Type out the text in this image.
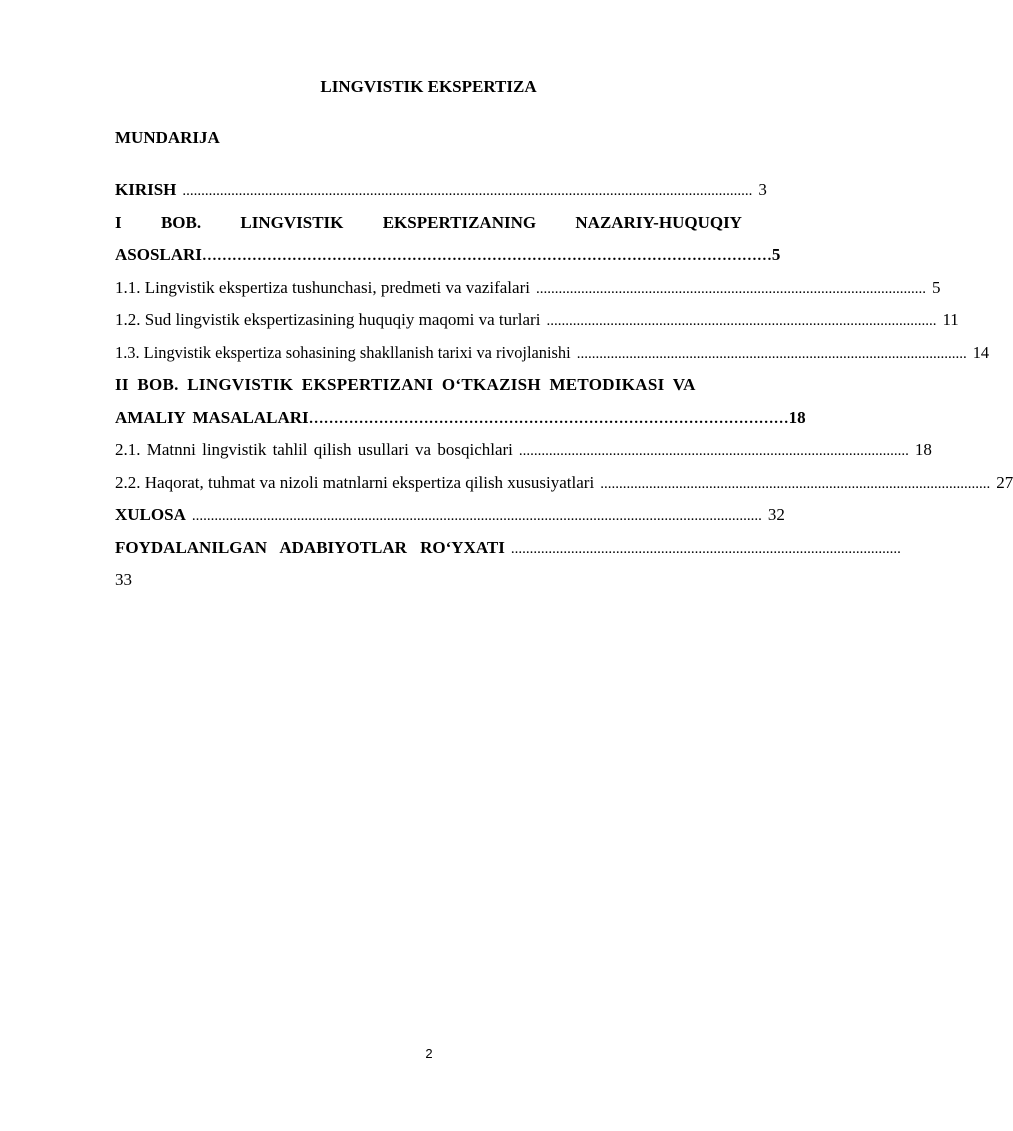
LINGVISTIK EKSPERTIZA
MUNDARIJA
KIRISH ........................................................................................................................................................ 3
I BOB. LINGVISTIK EKSPERTIZANING NAZARIY-HUQUQIY
ASOSLARI …………………………………………………………………………………………………… 5
1.1. Lingvistik ekspertiza tushunchasi, predmeti va vazifalari ........................................................................................................ 5
1.2. Sud lingvistik ekspertizasining huquqiy maqomi va turlari ........................................................................................................ 11
1.3. Lingvistik ekspertiza sohasining shakllanish tarixi va rivojlanishi ........................................................................................................ 14
II BOB. LINGVISTIK EKSPERTIZANI O‘TKAZISH METODIKASI VA
AMALIY MASALALARI …………………………………………………………………………………… 18
2.1. Matnni lingvistik tahlil qilish usullari va bosqichlari ........................................................................................................ 18
2.2. Haqorat, tuhmat va nizoli matnlarni ekspertiza qilish xususiyatlari ........................................................................................................ 27
XULOSA ........................................................................................................................................................ 32
FOYDALANILGAN ADABIYOTLAR RO‘YXATI ........................................................................................................
33
2
